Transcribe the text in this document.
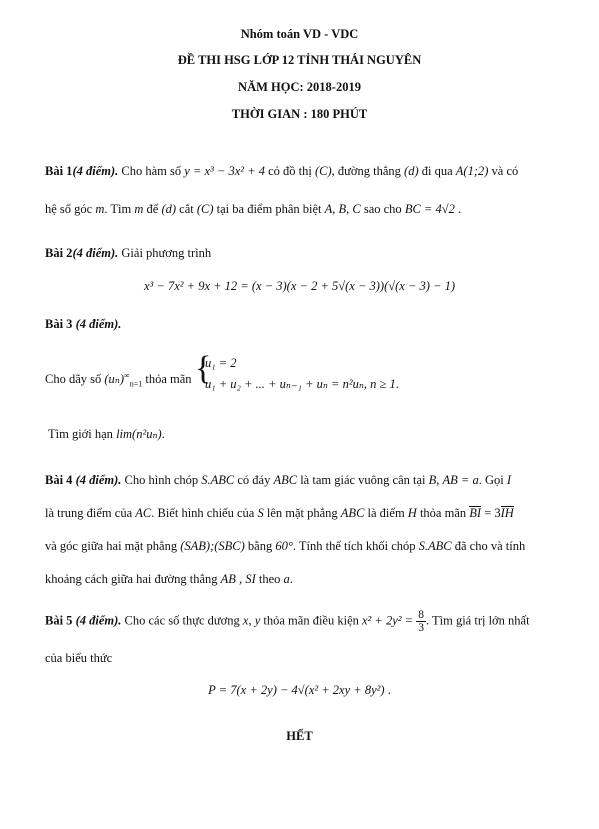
Nhóm toán VD - VDC
ĐỀ THI HSG LỚP 12 TỈNH THÁI NGUYÊN
NĂM HỌC: 2018-2019
THỜI GIAN : 180 PHÚT
Bài 1(4 điểm). Cho hàm số y = x³ − 3x² + 4 có đồ thị (C), đường thẳng (d) đi qua A(1;2) và có
hệ số góc m. Tìm m để (d) cắt (C) tại ba điểm phân biệt A, B, C sao cho BC = 4√2 .
Bài 2(4 điểm). Giải phương trình
x³ − 7x² + 9x + 12 = (x − 3)(x − 2 + 5√(x − 3))(√(x − 3) − 1)
Bài 3 (4 điểm).
Cho dãy số $(u_n)^\infty_{n=1}$ thỏa mãn {
u₁ = 2
u₁ + u₂ + ... + uₙ₋₁ + uₙ = n²uₙ, n ≥ 1.
Tìm giới hạn lim(n²uₙ).
Bài 4 (4 điểm). Cho hình chóp S.ABC có đáy ABC là tam giác vuông cân tại B, AB = a. Gọi I
là trung điểm của AC. Biết hình chiếu của S lên mặt phẳng ABC là điểm H thỏa mãn BI = 3IH
và góc giữa hai mặt phẳng (SAB);(SBC) bằng 60°. Tính thể tích khối chóp S.ABC đã cho và tính
khoảng cách giữa hai đường thẳng AB , SI theo a.
Bài 5 (4 điểm). Cho các số thực dương x, y thỏa mãn điều kiện $x^2 + 2y^2 = \frac{8}{3}$ . Tìm giá trị lớn nhất
của biểu thức
P = 7(x + 2y) − 4√(x² + 2xy + 8y²) .
HẾT
